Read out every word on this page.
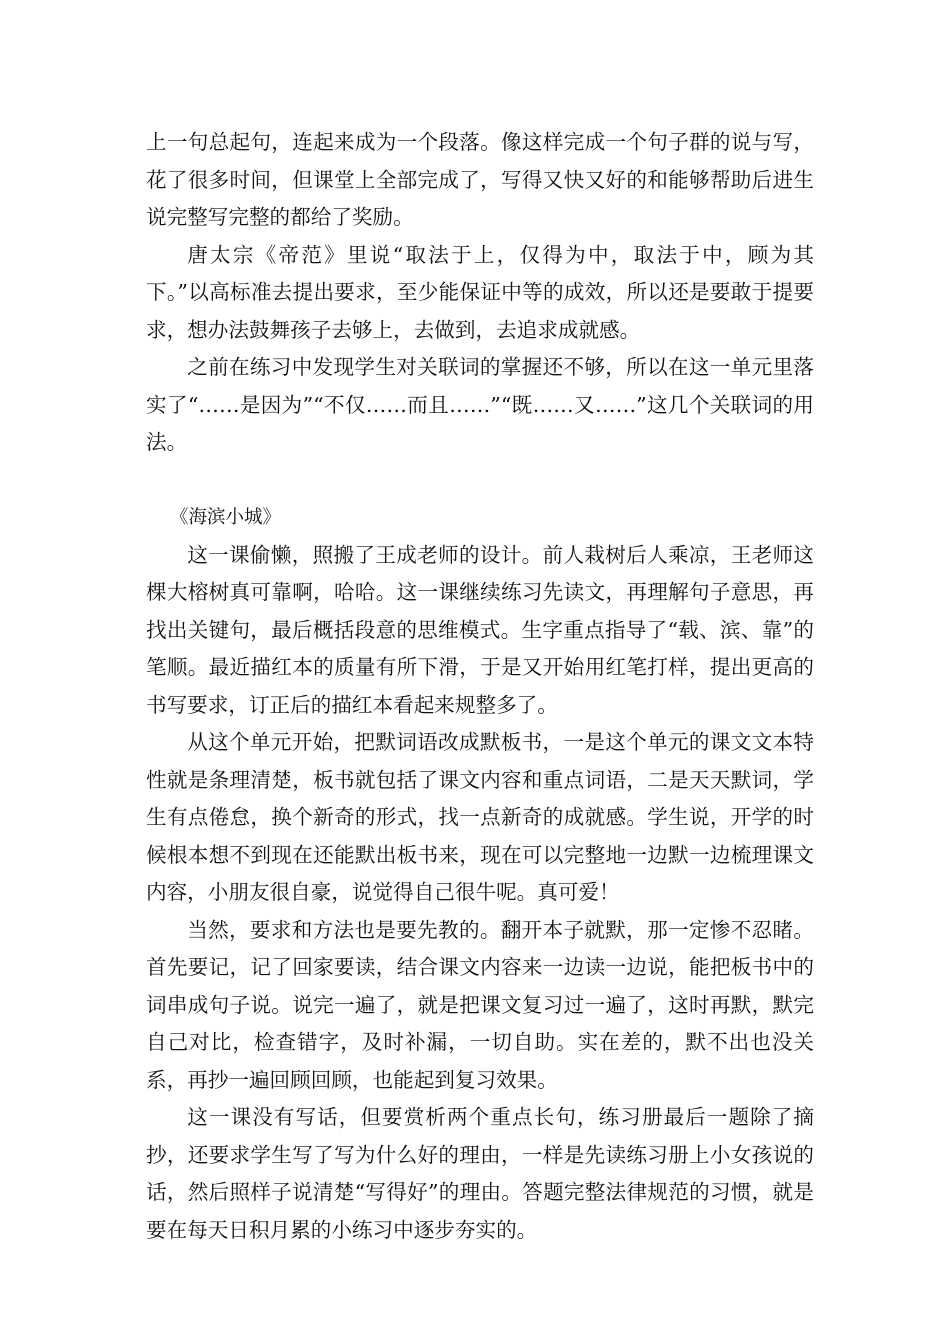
上一句总起句，连起来成为一个段落。像这样完成一个句子群的说与写，花了很多时间，但课堂上全部完成了，写得又快又好的和能够帮助后进生说完整写完整的都给了奖励。

唐太宗《帝范》里说“取法于上，仅得为中，取法于中，顾为其下。”以高标准去提出要求，至少能保证中等的成效，所以还是要敢于提要求，想办法鼓舞孩子去够上，去做到，去追求成就感。

之前在练习中发现学生对关联词的掌握还不够，所以在这一单元里落实了“……是因为”“不仅……而且……”“既……又……”这几个关联词的用法。

《海滨小城》

这一课偷懒，照搬了王成老师的设计。前人栽树后人乘凉，王老师这棵大榕树真可靠啊，哈哈。这一课继续练习先读文，再理解句子意思，再找出关键句，最后概括段意的思维模式。生字重点指导了“载、滨、靠”的笔顺。最近描红本的质量有所下滑，于是又开始用红笔打样，提出更高的书写要求，订正后的描红本看起来规整多了。

从这个单元开始，把默词语改成默板书，一是这个单元的课文文本特性就是条理清楚，板书就包括了课文内容和重点词语，二是天天默词，学生有点倦怠，换个新奇的形式，找一点新奇的成就感。学生说，开学的时候根本想不到现在还能默出板书来，现在可以完整地一边默一边梳理课文内容，小朋友很自豪，说觉得自己很牛呢。真可爱！

当然，要求和方法也是要先教的。翻开本子就默，那一定惨不忍睹。首先要记，记了回家要读，结合课文内容来一边读一边说，能把板书中的词串成句子说。说完一遍了，就是把课文复习过一遍了，这时再默，默完自己对比，检查错字，及时补漏，一切自助。实在差的，默不出也没关系，再抄一遍回顾回顾，也能起到复习效果。

这一课没有写话，但要赏析两个重点长句，练习册最后一题除了摘抄，还要求学生写了写为什么好的理由，一样是先读练习册上小女孩说的话，然后照样子说清楚“写得好”的理由。答题完整法律规范的习惯，就是要在每天日积月累的小练习中逐步夯实的。
